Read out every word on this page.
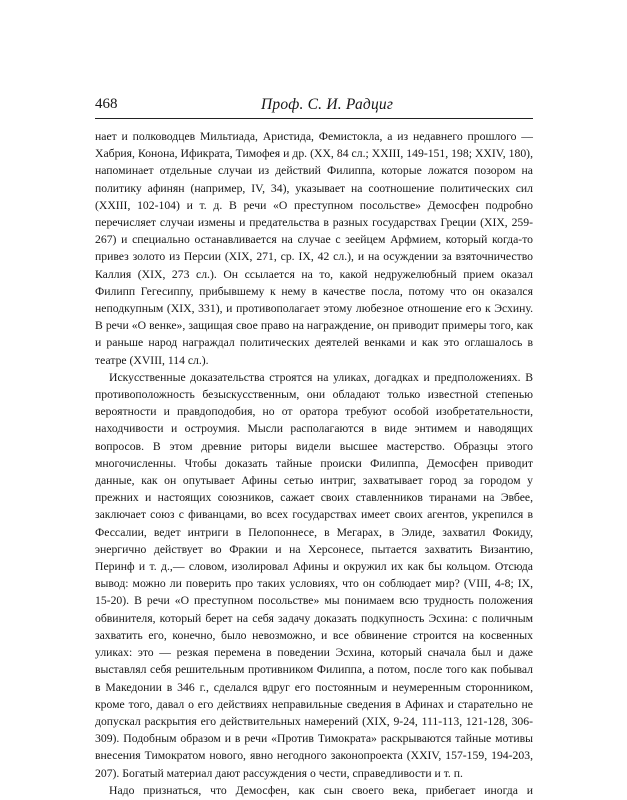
468	Проф. С. И. Радциг

нает и полководцев Мильтиада, Аристида, Фемистокла, а из недавнего прошлого — Хабрия, Конона, Ификрата, Тимофея и др. (XX, 84 сл.; XXIII, 149-151, 198; XXIV, 180), напоминает отдельные случаи из действий Филиппа, которые ложатся позором на политику афинян (например, IV, 34), указывает на соотношение политических сил (XXIII, 102-104) и т. д. В речи «О преступном посольстве» Демосфен подробно перечисляет случаи измены и предательства в разных государствах Греции (XIX, 259-267) и специально останавливается на случае с зеейцем Арфмием, который когда-то привез золото из Персии (XIX, 271, ср. IX, 42 сл.), и на осуждении за взяточничество Каллия (XIX, 273 сл.). Он ссылается на то, какой недружелюбный прием оказал Филипп Гегесиппу, прибывшему к нему в качестве посла, потому что он оказался неподкупным (XIX, 331), и противополагает этому любезное отношение его к Эсхину. В речи «О венке», защищая свое право на награждение, он приводит примеры того, как и раньше народ награждал политических деятелей венками и как это оглашалось в театре (XVIII, 114 сл.).

Искусственные доказательства строятся на уликах, догадках и предположениях. В противоположность безыскусственным, они обладают только известной степенью вероятности и правдоподобия, но от оратора требуют особой изобретательности, находчивости и остроумия. Мысли располагаются в виде энтимем и наводящих вопросов. В этом древние риторы видели высшее мастерство. Образцы этого многочисленны. Чтобы доказать тайные происки Филиппа, Демосфен приводит данные, как он опутывает Афины сетью интриг, захватывает город за городом у прежних и настоящих союзников, сажает своих ставленников тиранами на Эвбее, заключает союз с фиванцами, во всех государствах имеет своих агентов, укрепился в Фессалии, ведет интриги в Пелопоннесе, в Мегарах, в Элиде, захватил Фокиду, энергично действует во Фракии и на Херсонесе, пытается захватить Византию, Перинф и т. д.,— словом, изолировал Афины и окружил их как бы кольцом. Отсюда вывод: можно ли поверить про таких условиях, что он соблюдает мир? (VIII, 4-8; IX, 15-20). В речи «О преступном посольстве» мы понимаем всю трудность положения обвинителя, который берет на себя задачу доказать подкупность Эсхина: с поличным захватить его, конечно, было невозможно, и все обвинение строится на косвенных уликах: это — резкая перемена в поведении Эсхина, который сначала был и даже выставлял себя решительным противником Филиппа, а потом, после того как побывал в Македонии в 346 г., сделался вдруг его постоянным и неумеренным сторонником, кроме того, давал о его действиях неправильные сведения в Афинах и старательно не допускал раскрытия его действительных намерений (XIX, 9-24, 111-113, 121-128, 306-309). Подобным образом и в речи «Против Тимократа» раскрываются тайные мотивы внесения Тимократом нового, явно негодного законопроекта (XXIV, 157-159, 194-203, 207). Богатый материал дают рассуждения о чести, справедливости и т. п.

Надо признаться, что Демосфен, как сын своего века, прибегает иногда и
